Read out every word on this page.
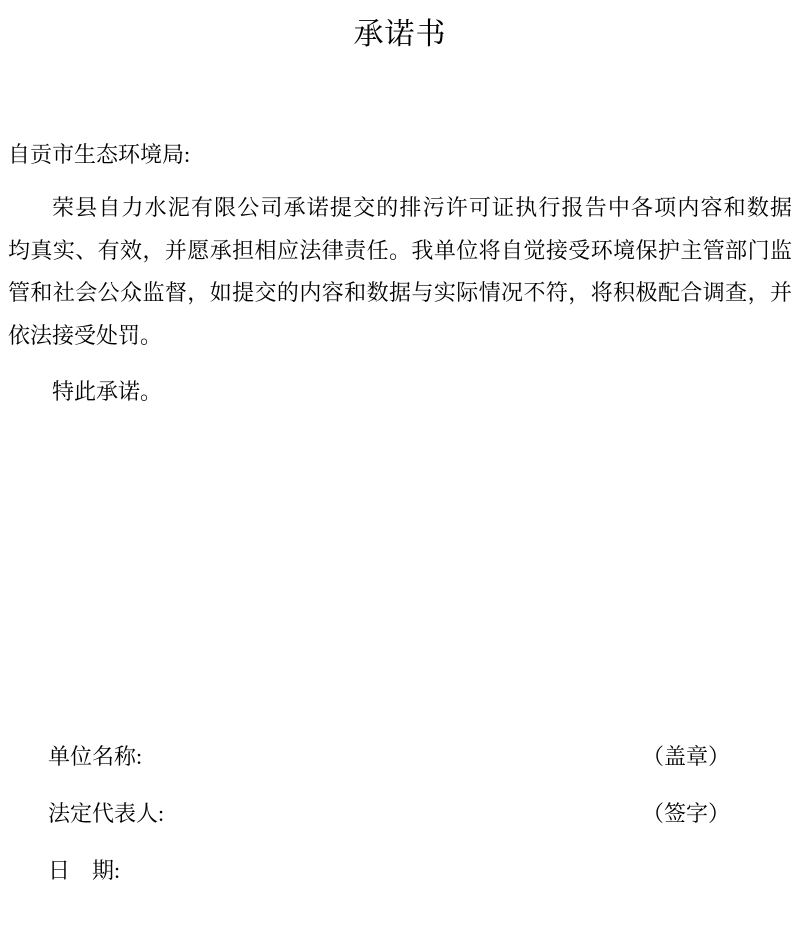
承诺书
自贡市生态环境局:
荣县自力水泥有限公司承诺提交的排污许可证执行报告中各项内容和数据
均真实、有效，并愿承担相应法律责任。我单位将自觉接受环境保护主管部门监
管和社会公众监督，如提交的内容和数据与实际情况不符，将积极配合调查，并
依法接受处罚。
特此承诺。
单位名称:	（盖章）
法定代表人:	（签字）
日　期:
